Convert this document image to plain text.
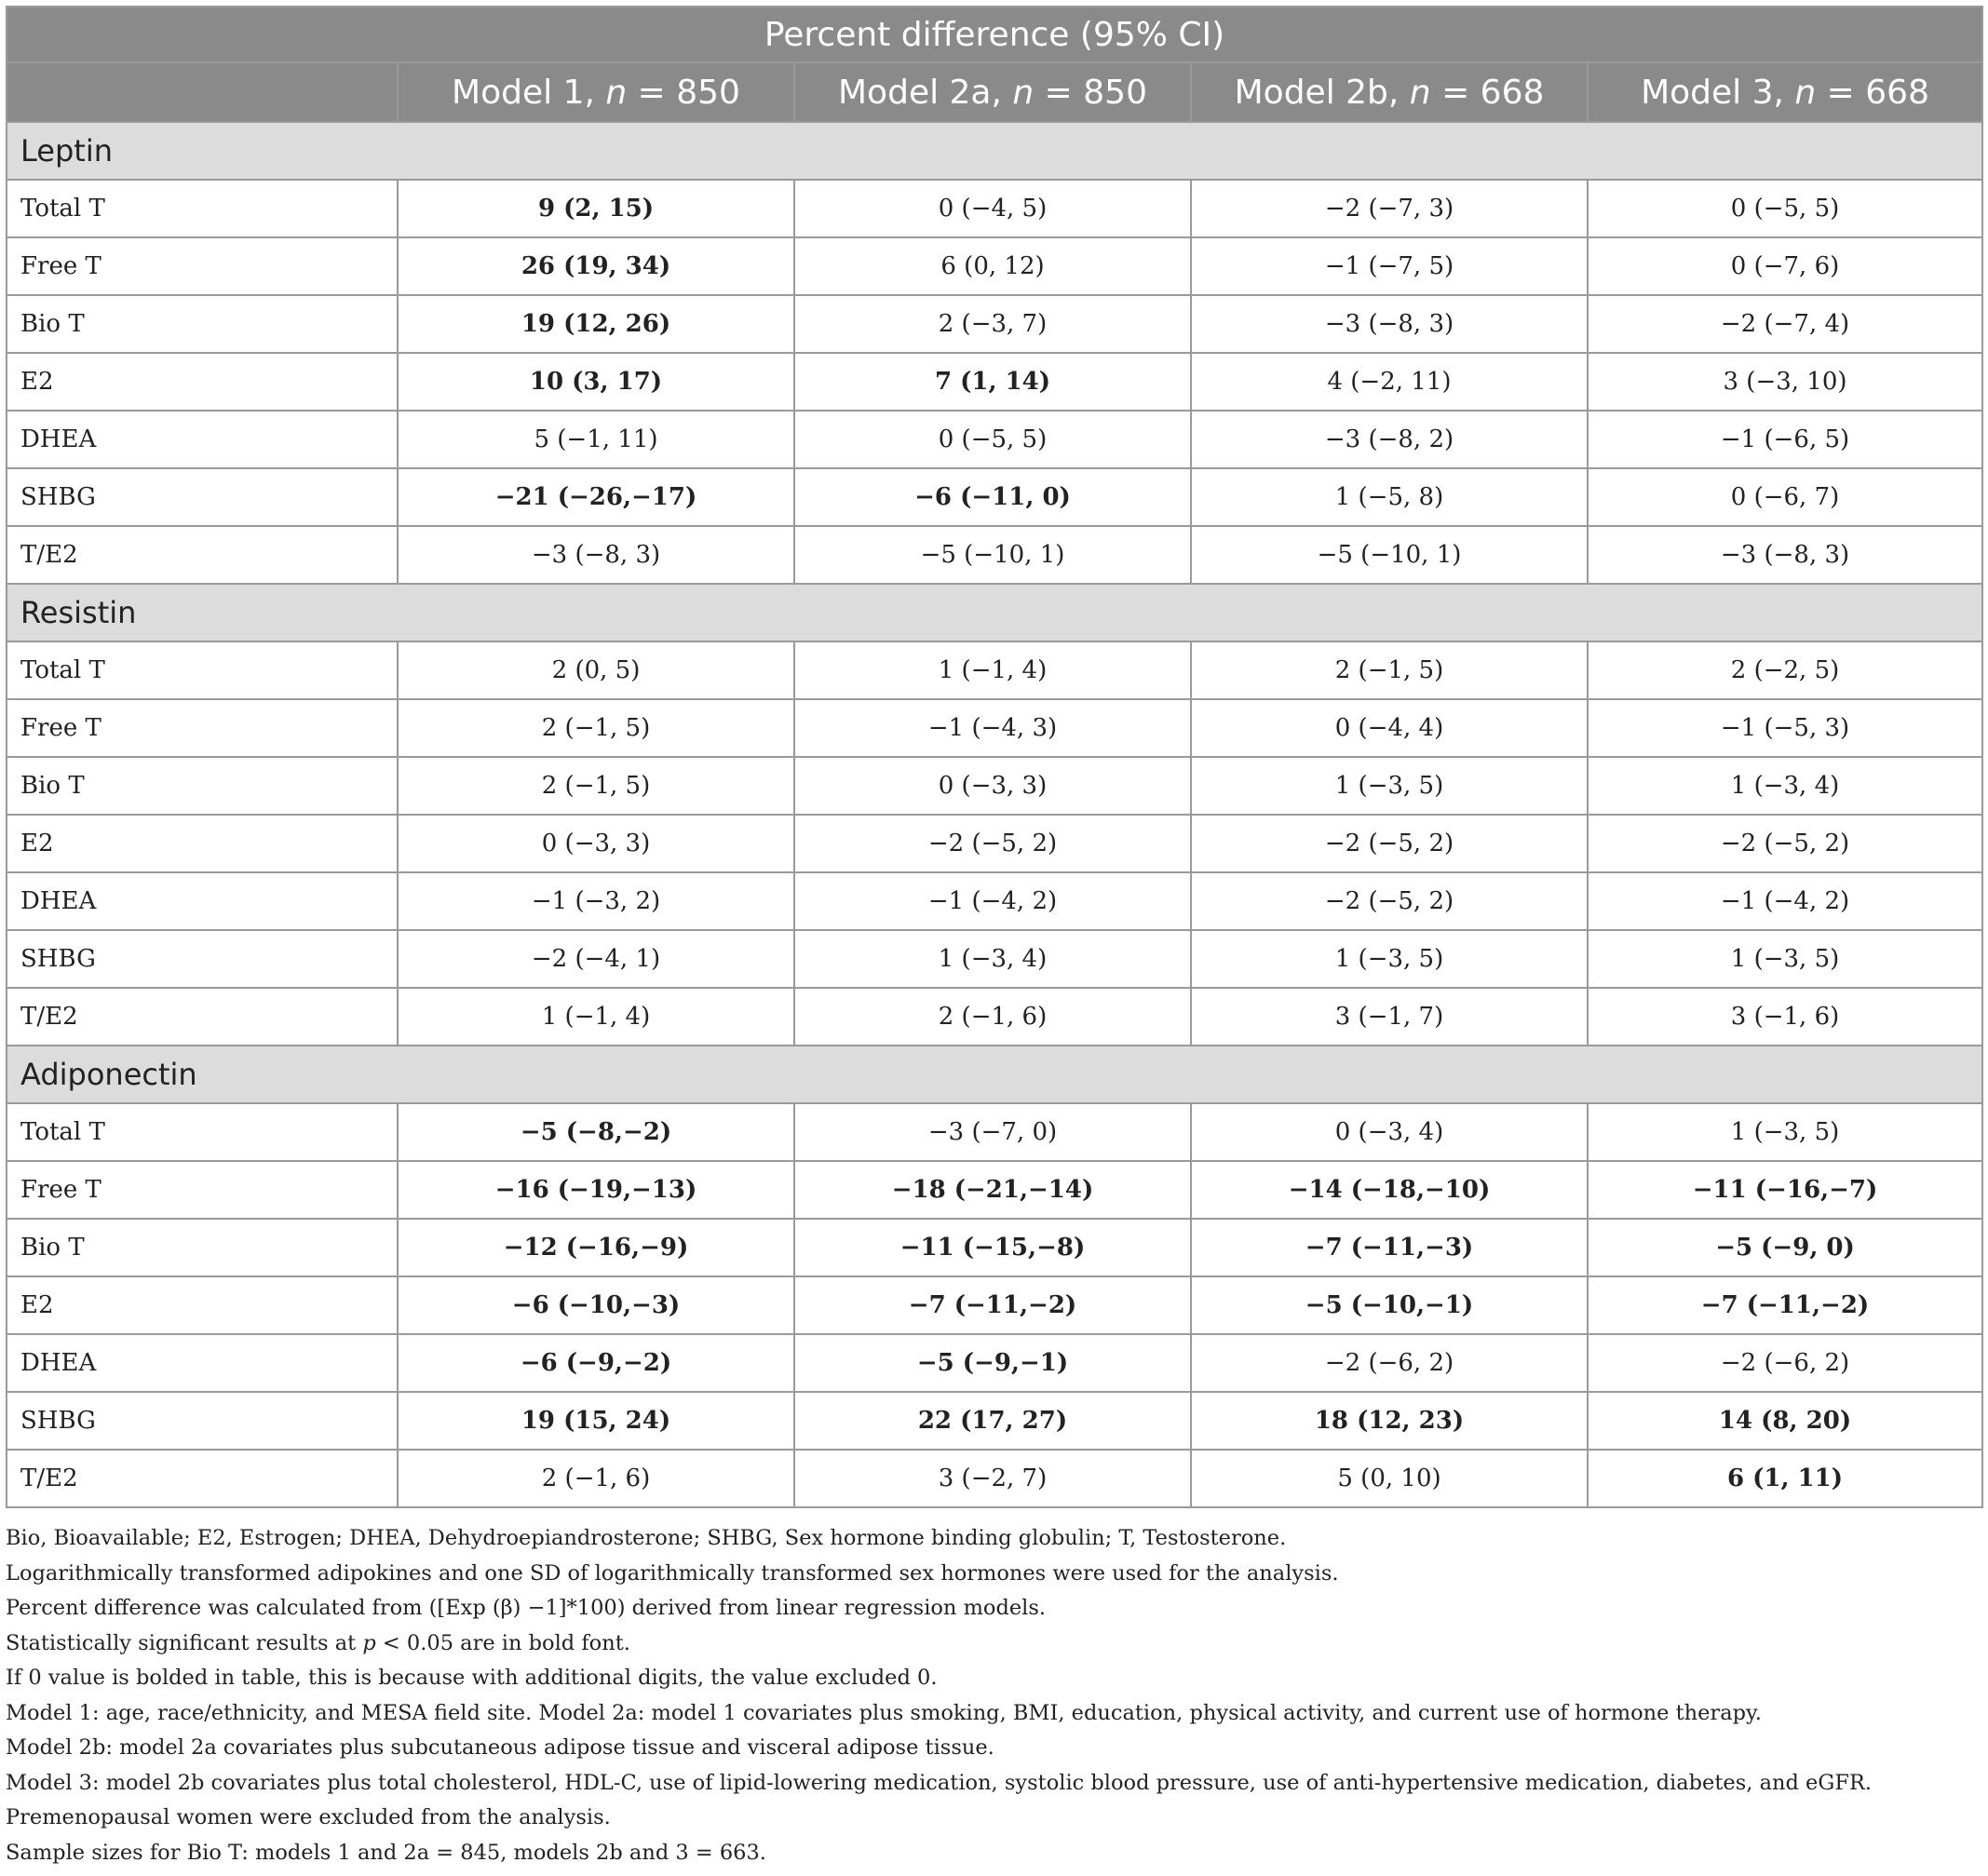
Percent difference (95% CI)				
	Model 1, n = 850	Model 2a, n = 850	Model 2b, n = 668	Model 3, n = 668
Leptin				
Total T	9 (2, 15)	0 (−4, 5)	−2 (−7, 3)	0 (−5, 5)
Free T	26 (19, 34)	6 (0, 12)	−1 (−7, 5)	0 (−7, 6)
Bio T	19 (12, 26)	2 (−3, 7)	−3 (−8, 3)	−2 (−7, 4)
E2	10 (3, 17)	7 (1, 14)	4 (−2, 11)	3 (−3, 10)
DHEA	5 (−1, 11)	0 (−5, 5)	−3 (−8, 2)	−1 (−6, 5)
SHBG	−21 (−26,−17)	−6 (−11, 0)	1 (−5, 8)	0 (−6, 7)
T/E2	−3 (−8, 3)	−5 (−10, 1)	−5 (−10, 1)	−3 (−8, 3)
Resistin				
Total T	2 (0, 5)	1 (−1, 4)	2 (−1, 5)	2 (−2, 5)
Free T	2 (−1, 5)	−1 (−4, 3)	0 (−4, 4)	−1 (−5, 3)
Bio T	2 (−1, 5)	0 (−3, 3)	1 (−3, 5)	1 (−3, 4)
E2	0 (−3, 3)	−2 (−5, 2)	−2 (−5, 2)	−2 (−5, 2)
DHEA	−1 (−3, 2)	−1 (−4, 2)	−2 (−5, 2)	−1 (−4, 2)
SHBG	−2 (−4, 1)	1 (−3, 4)	1 (−3, 5)	1 (−3, 5)
T/E2	1 (−1, 4)	2 (−1, 6)	3 (−1, 7)	3 (−1, 6)
Adiponectin				
Total T	−5 (−8,−2)	−3 (−7, 0)	0 (−3, 4)	1 (−3, 5)
Free T	−16 (−19,−13)	−18 (−21,−14)	−14 (−18,−10)	−11 (−16,−7)
Bio T	−12 (−16,−9)	−11 (−15,−8)	−7 (−11,−3)	−5 (−9, 0)
E2	−6 (−10,−3)	−7 (−11,−2)	−5 (−10,−1)	−7 (−11,−2)
DHEA	−6 (−9,−2)	−5 (−9,−1)	−2 (−6, 2)	−2 (−6, 2)
SHBG	19 (15, 24)	22 (17, 27)	18 (12, 23)	14 (8, 20)
T/E2	2 (−1, 6)	3 (−2, 7)	5 (0, 10)	6 (1, 11)

Bio, Bioavailable; E2, Estrogen; DHEA, Dehydroepiandrosterone; SHBG, Sex hormone binding globulin; T, Testosterone.

Logarithmically transformed adipokines and one SD of logarithmically transformed sex hormones were used for the analysis.

Percent difference was calculated from ([Exp (β) −1]*100) derived from linear regression models.

Statistically significant results at p < 0.05 are in bold font.

If 0 value is bolded in table, this is because with additional digits, the value excluded 0.

Model 1: age, race/ethnicity, and MESA field site. Model 2a: model 1 covariates plus smoking, BMI, education, physical activity, and current use of hormone therapy.

Model 2b: model 2a covariates plus subcutaneous adipose tissue and visceral adipose tissue.

Model 3: model 2b covariates plus total cholesterol, HDL-C, use of lipid-lowering medication, systolic blood pressure, use of anti-hypertensive medication, diabetes, and eGFR. Premenopausal women were excluded from the analysis.

Sample sizes for Bio T: models 1 and 2a = 845, models 2b and 3 = 663.
